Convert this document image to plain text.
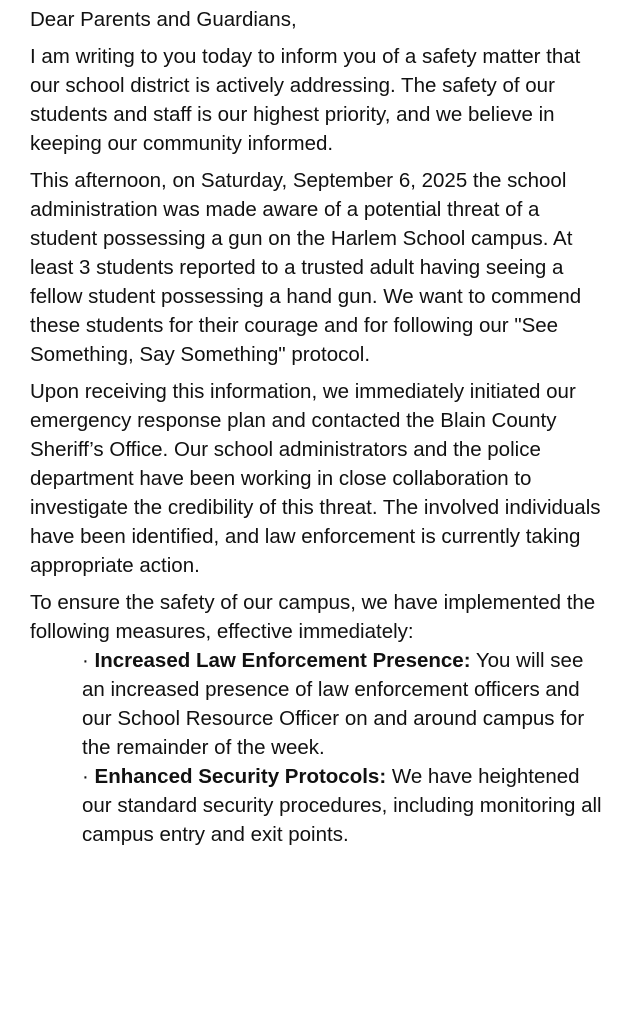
Dear Parents and Guardians,

I am writing to you today to inform you of a safety matter that our school district is actively addressing. The safety of our students and staff is our highest priority, and we believe in keeping our community informed.

This afternoon, on Saturday, September 6, 2025 the school administration was made aware of a potential threat of a student possessing a gun on the Harlem School campus. At least 3 students reported to a trusted adult having seeing a fellow student possessing a hand gun. We want to commend these students for their courage and for following our "See Something, Say Something" protocol.

Upon receiving this information, we immediately initiated our emergency response plan and contacted the Blain County Sheriff’s Office. Our school administrators and the police department have been working in close collaboration to investigate the credibility of this threat. The involved individuals have been identified, and law enforcement is currently taking appropriate action.

To ensure the safety of our campus, we have implemented the following measures, effective immediately:

· Increased Law Enforcement Presence: You will see an increased presence of law enforcement officers and our School Resource Officer on and around campus for the remainder of the week.
· Enhanced Security Protocols: We have heightened our standard security procedures, including monitoring all campus entry and exit points.
